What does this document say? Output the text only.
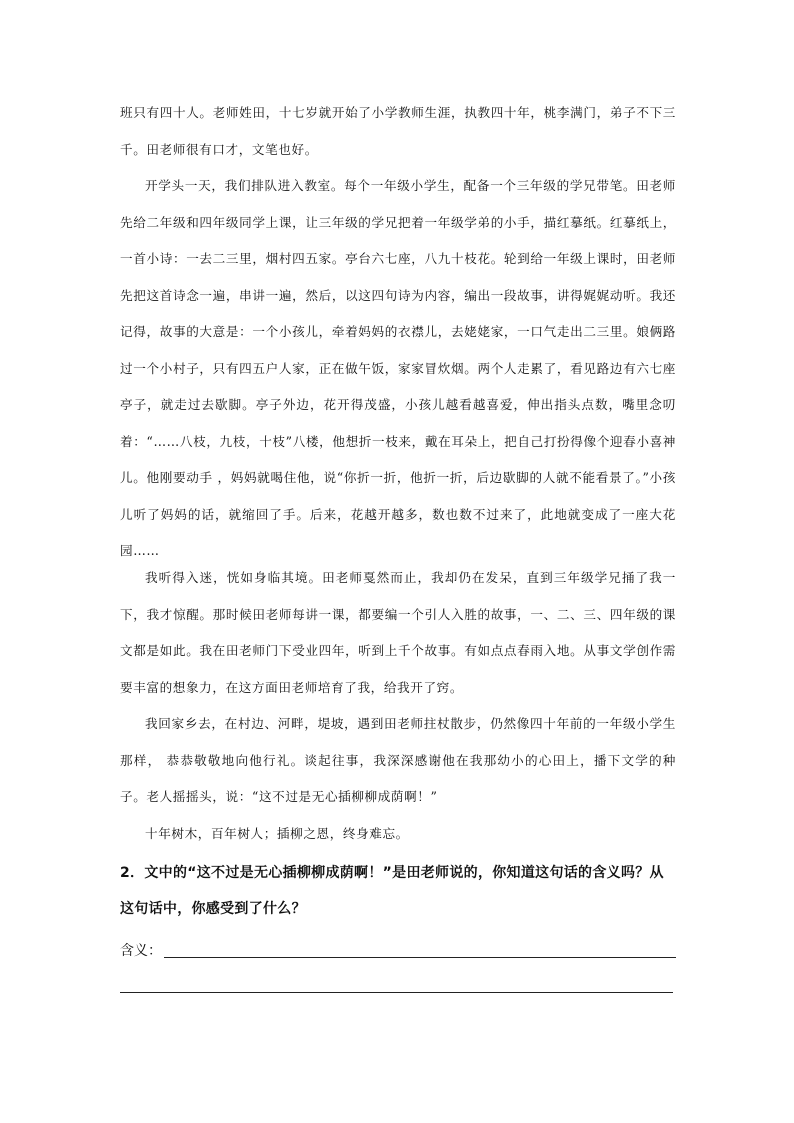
班只有四十人。老师姓田，十七岁就开始了小学教师生涯，执教四十年，桃李满门，弟子不下三千。田老师很有口才，文笔也好。

开学头一天，我们排队进入教室。每个一年级小学生，配备一个三年级的学兄带笔。田老师先给二年级和四年级同学上课，让三年级的学兄把着一年级学弟的小手，描红摹纸。红摹纸上，一首小诗：一去二三里，烟村四五家。亭台六七座，八九十枝花。轮到给一年级上课时，田老师先把这首诗念一遍，串讲一遍，然后，以这四句诗为内容，编出一段故事，讲得娓娓动听。我还记得，故事的大意是：一个小孩儿，牵着妈妈的衣襟儿，去姥姥家，一口气走出二三里。娘俩路过一个小村子，只有四五户人家，正在做午饭，家家冒炊烟。两个人走累了，看见路边有六七座亭子，就走过去歇脚。亭子外边，花开得茂盛，小孩儿越看越喜爱，伸出指头点数，嘴里念叨着：“……八枝，九枝，十枝”八楼，他想折一枝来，戴在耳朵上，把自己打扮得像个迎春小喜神儿。他刚要动手 ，妈妈就喝住他，说“你折一折，他折一折，后边歇脚的人就不能看景了。”小孩儿听了妈妈的话，就缩回了手。后来，花越开越多，数也数不过来了，此地就变成了一座大花园……

我听得入迷，恍如身临其境。田老师戛然而止，我却仍在发呆，直到三年级学兄捅了我一下，我才惊醒。那时候田老师每讲一课，都要编一个引人入胜的故事，一、二、三、四年级的课文都是如此。我在田老师门下受业四年，听到上千个故事。有如点点春雨入地。从事文学创作需要丰富的想象力，在这方面田老师培育了我，给我开了窍。

我回家乡去，在村边、河畔，堤坡，遇到田老师拄杖散步，仍然像四十年前的一年级小学生那样， 恭恭敬敬地向他行礼。谈起往事，我深深感谢他在我那幼小的心田上，播下文学的种子。老人摇摇头，说：“这不过是无心插柳柳成荫啊！”

十年树木，百年树人；插柳之恩，终身难忘。

2．文中的“这不过是无心插柳柳成荫啊！”是田老师说的，你知道这句话的含义吗？从这句话中，你感受到了什么？

含义：
